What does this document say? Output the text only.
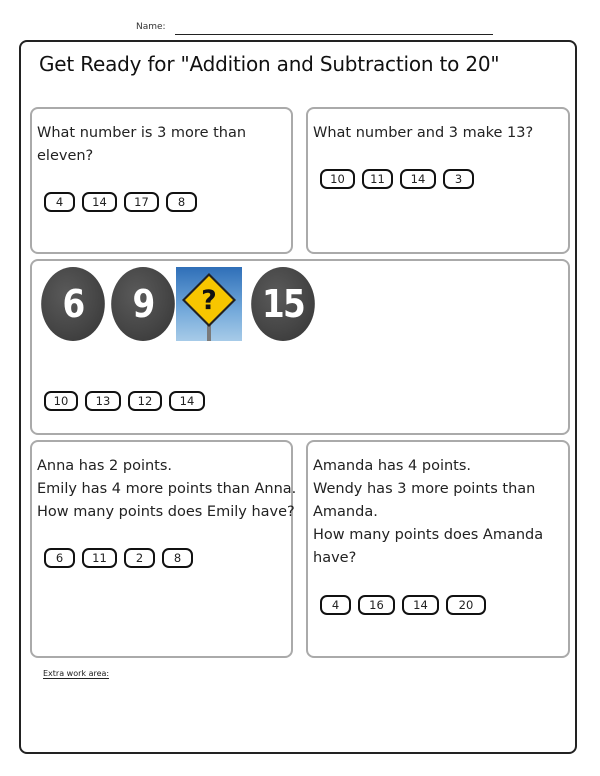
Name:
Get Ready for "Addition and Subtraction to 20"
What number is 3 more than
eleven?
4	14	17	8
What number and 3 make 13?
10	11	14	3
6	9	? 15
10	13	12	14
Anna has 2 points.
Emily has 4 more points than Anna.
How many points does Emily have?
6	11	2	8
Amanda has 4 points.
Wendy has 3 more points than
Amanda.
How many points does Amanda
have?
4	16	14	20
Extra work area:
